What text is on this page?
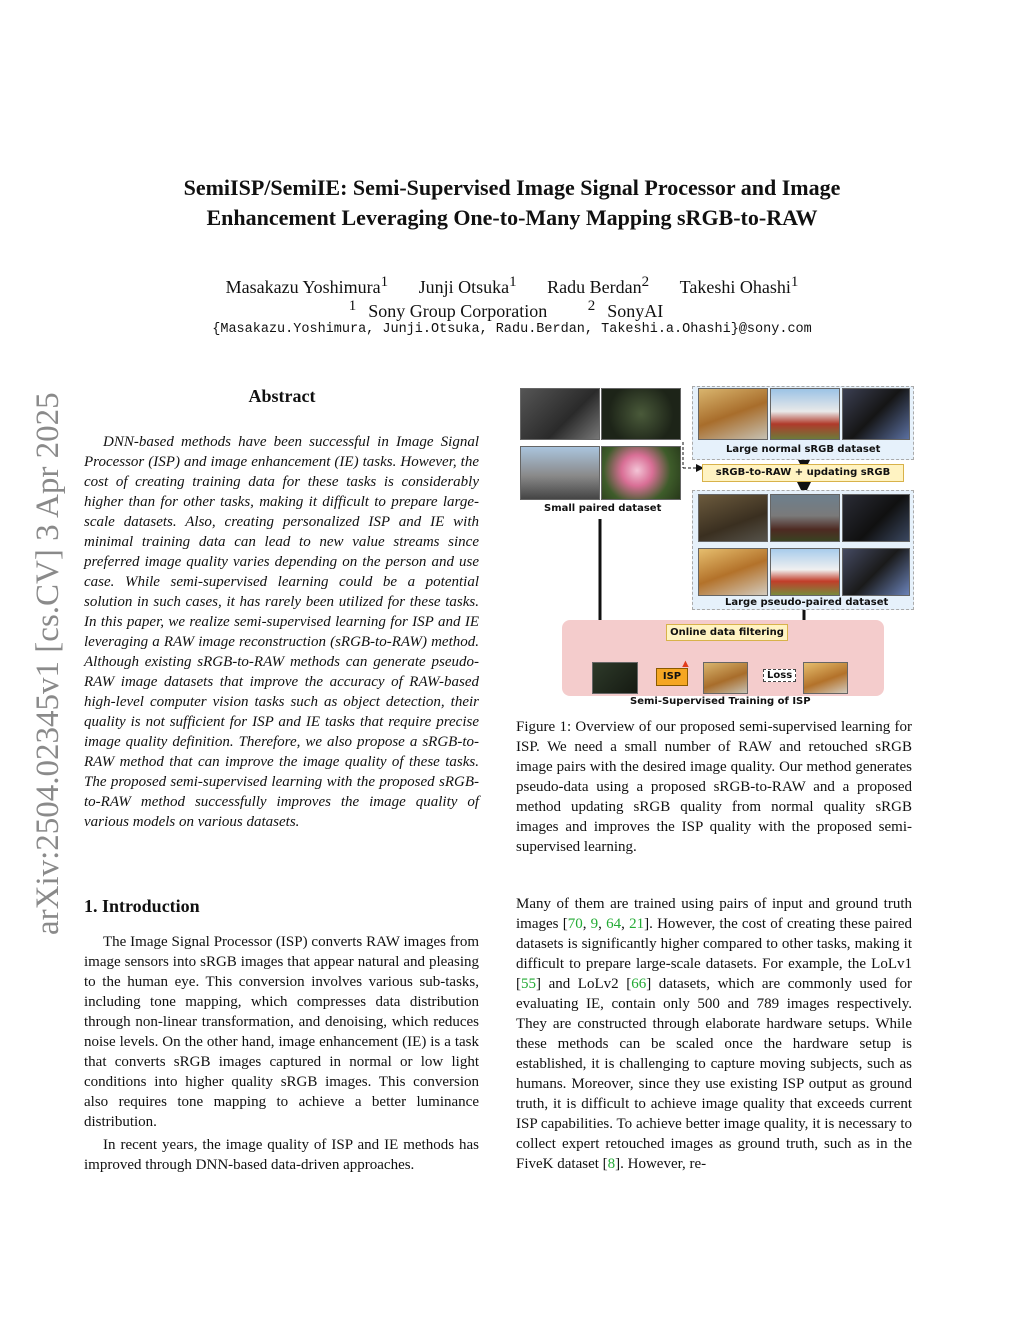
arXiv:2504.02345v1 [cs.CV] 3 Apr 2025
SemiISP/SemiIE: Semi-Supervised Image Signal Processor and Image
Enhancement Leveraging One-to-Many Mapping sRGB-to-RAW
Masakazu Yoshimura$^1$ Junji Otsuka$^1$ Radu Berdan$^2$ Takeshi Ohashi$^1$
$^1$ Sony Group Corporation	$^2$ SonyAI
{Masakazu.Yoshimura, Junji.Otsuka, Radu.Berdan, Takeshi.a.Ohashi}@sony.com
Abstract

DNN-based methods have been successful in Image Signal Processor (ISP) and image enhancement (IE) tasks. However, the cost of creating training data for these tasks is considerably higher than for other tasks, making it difficult to prepare large-scale datasets. Also, creating personalized ISP and IE with minimal training data can lead to new value streams since preferred image quality varies depending on the person and use case. While semi-supervised learning could be a potential solution in such cases, it has rarely been utilized for these tasks. In this paper, we realize semi-supervised learning for ISP and IE leveraging a RAW image reconstruction (sRGB-to-RAW) method. Although existing sRGB-to-RAW methods can generate pseudo-RAW image datasets that improve the accuracy of RAW-based high-level computer vision tasks such as object detection, their quality is not sufficient for ISP and IE tasks that require precise image quality definition. Therefore, we also propose a sRGB-to-RAW method that can improve the image quality of these tasks. The proposed semi-supervised learning with the proposed sRGB-to-RAW method successfully improves the image quality of various models on various datasets.

Small paired dataset
Large normal sRGB dataset
sRGB-to-RAW + updating sRGB
Large pseudo-paired dataset
Online data filtering
ISP
▲
Loss
Semi-Supervised Training of ISP

Figure 1: Overview of our proposed semi-supervised learning for ISP. We need a small number of RAW and retouched sRGB image pairs with the desired image quality. Our method generates pseudo-data using a proposed sRGB-to-RAW and a proposed method updating sRGB quality from normal quality sRGB images and improves the ISP quality with the proposed semi-supervised learning.

1. Introduction

The Image Signal Processor (ISP) converts RAW images from image sensors into sRGB images that appear natural and pleasing to the human eye. This conversion involves various sub-tasks, including tone mapping, which compresses data distribution through non-linear transformation, and denoising, which reduces noise levels. On the other hand, image enhancement (IE) is a task that converts sRGB images captured in normal or low light conditions into higher quality sRGB images. This conversion also requires tone mapping to achieve a better luminance distribution.

In recent years, the image quality of ISP and IE methods has improved through DNN-based data-driven approaches.

Many of them are trained using pairs of input and ground truth images [70, 9, 64, 21]. However, the cost of creating these paired datasets is significantly higher compared to other tasks, making it difficult to prepare large-scale datasets. For example, the LoLv1 [55] and LoLv2 [66] datasets, which are commonly used for evaluating IE, contain only 500 and 789 images respectively. They are constructed through elaborate hardware setups. While these methods can be scaled once the hardware setup is established, it is challenging to capture moving subjects, such as humans. Moreover, since they use existing ISP output as ground truth, it is difficult to achieve image quality that exceeds current ISP capabilities. To achieve better image quality, it is necessary to collect expert retouched images as ground truth, such as in the FiveK dataset [8]. However, re-
